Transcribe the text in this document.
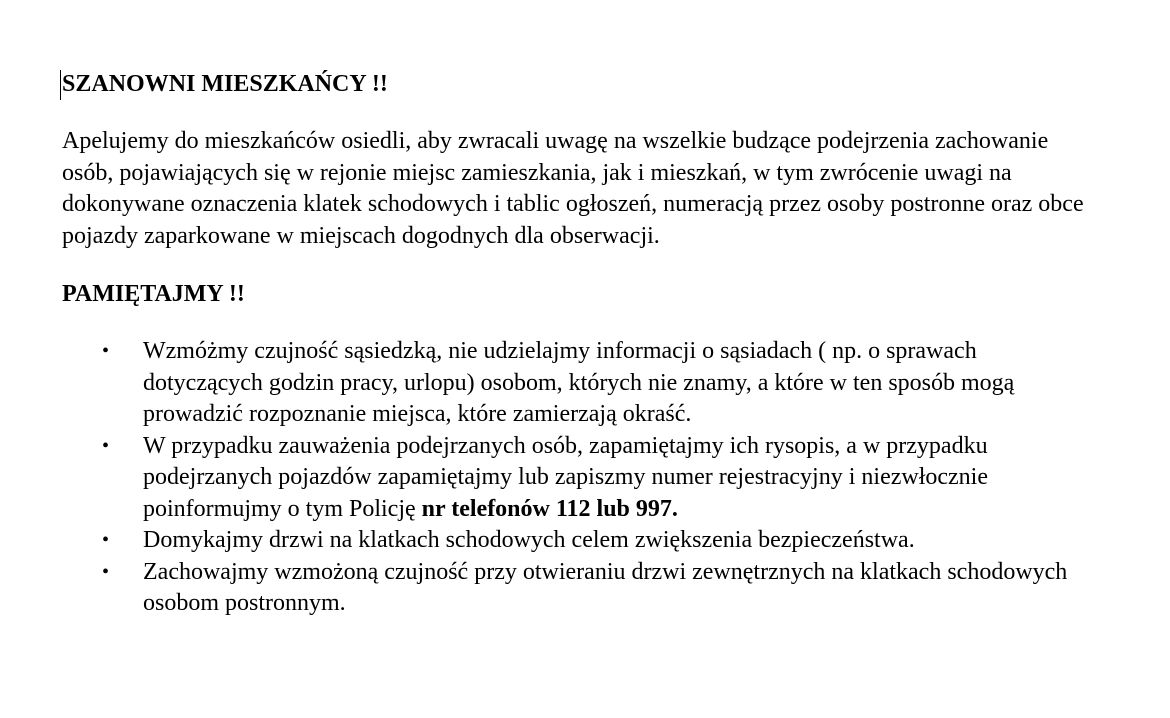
SZANOWNI MIESZKAŃCY !!

Apelujemy do mieszkańców osiedli, aby zwracali uwagę na wszelkie budzące podejrzenia zachowanie osób, pojawiających się w rejonie miejsc zamieszkania, jak i mieszkań, w tym zwrócenie uwagi na dokonywane oznaczenia klatek schodowych i tablic ogłoszeń, numeracją przez osoby postronne oraz obce pojazdy zaparkowane w miejscach dogodnych dla obserwacji.

PAMIĘTAJMY !!
• Wzmóżmy czujność sąsiedzką, nie udzielajmy informacji o sąsiadach ( np. o sprawach dotyczących godzin pracy, urlopu) osobom, których nie znamy, a które w ten sposób mogą prowadzić rozpoznanie miejsca, które zamierzają okraść.
• W przypadku zauważenia podejrzanych osób, zapamiętajmy ich rysopis, a w przypadku podejrzanych pojazdów zapamiętajmy lub zapiszmy numer rejestracyjny i niezwłocznie poinformujmy o tym Policję nr telefonów 112 lub 997.
• Domykajmy drzwi na klatkach schodowych celem zwiększenia bezpieczeństwa.
• Zachowajmy wzmożoną czujność przy otwieraniu drzwi zewnętrznych na klatkach schodowych osobom postronnym.
